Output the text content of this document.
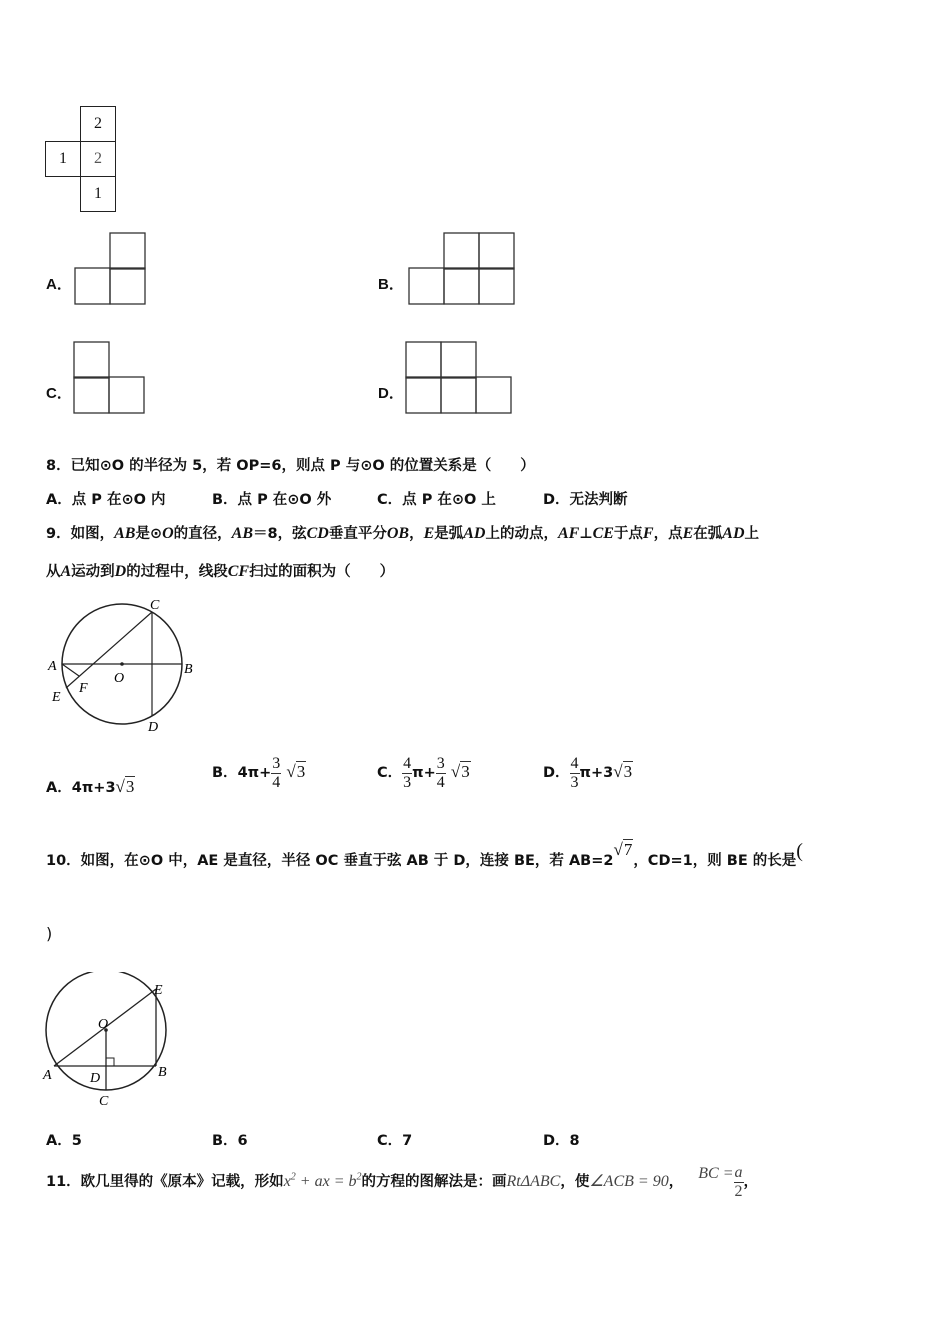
2
1	2
1
A．	B．
C．	D．
8．已知⊙O 的半径为 5，若 OP=6，则点 P 与⊙O 的位置关系是（　　）
A．点 P 在⊙O 内	B．点 P 在⊙O 外	C．点 P 在⊙O 上	D．无法判断
9．如图，AB是⊙O的直径，AB＝8，弦CD垂直平分OB，E是弧AD上的动点，AF⊥CE于点F，点E在弧AD上
从A运动到D的过程中，线段CF扫过的面积为（　　）
A	B
C
D
O
E
F
A．4π+3√3
B．$4\pi+ \frac{3}{4} √3$	C． $\frac{4}{3} \pi+ \frac{3}{4} √3$	D． $\frac{4}{3} \pi+3√3$
10．如图，在⊙O 中，AE 是直径，半径 OC 垂直于弦 AB 于 D，连接 BE，若 AB=2√7，CD=1，则 BE 的长是(
)
A	B
C
D
O
E
A．5	B．6	C．7	D．8
11．欧几里得的《原本》记载，形如$x^2$ + ax = $b^2$的方程的图解法是：画RtΔABC，使∠ACB = 90， BC = $\frac{a}{2}$ ，
